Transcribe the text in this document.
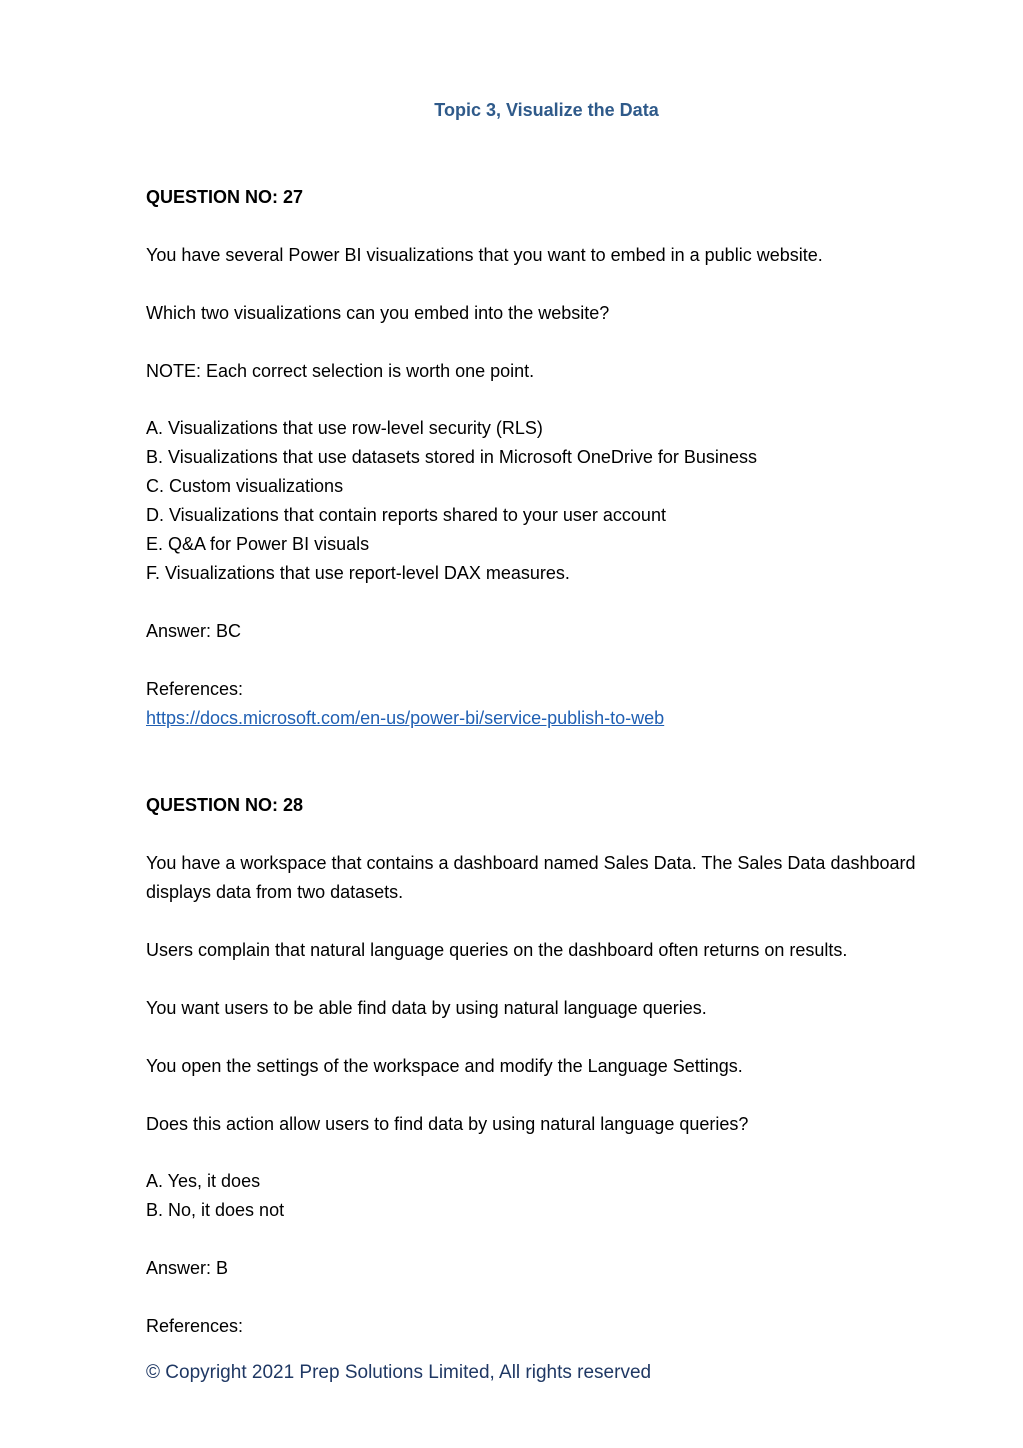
Topic 3, Visualize the Data
QUESTION NO: 27
You have several Power BI visualizations that you want to embed in a public website.
Which two visualizations can you embed into the website?
NOTE: Each correct selection is worth one point.
A. Visualizations that use row-level security (RLS)
B. Visualizations that use datasets stored in Microsoft OneDrive for Business
C. Custom visualizations
D. Visualizations that contain reports shared to your user account
E. Q&A for Power BI visuals
F. Visualizations that use report-level DAX measures.
Answer: BC
References:
https://docs.microsoft.com/en-us/power-bi/service-publish-to-web
QUESTION NO: 28
You have a workspace that contains a dashboard named Sales Data. The Sales Data dashboard displays data from two datasets.
Users complain that natural language queries on the dashboard often returns on results.
You want users to be able find data by using natural language queries.
You open the settings of the workspace and modify the Language Settings.
Does this action allow users to find data by using natural language queries?
A. Yes, it does
B. No, it does not
Answer: B
References:
© Copyright 2021 Prep Solutions Limited, All rights reserved
